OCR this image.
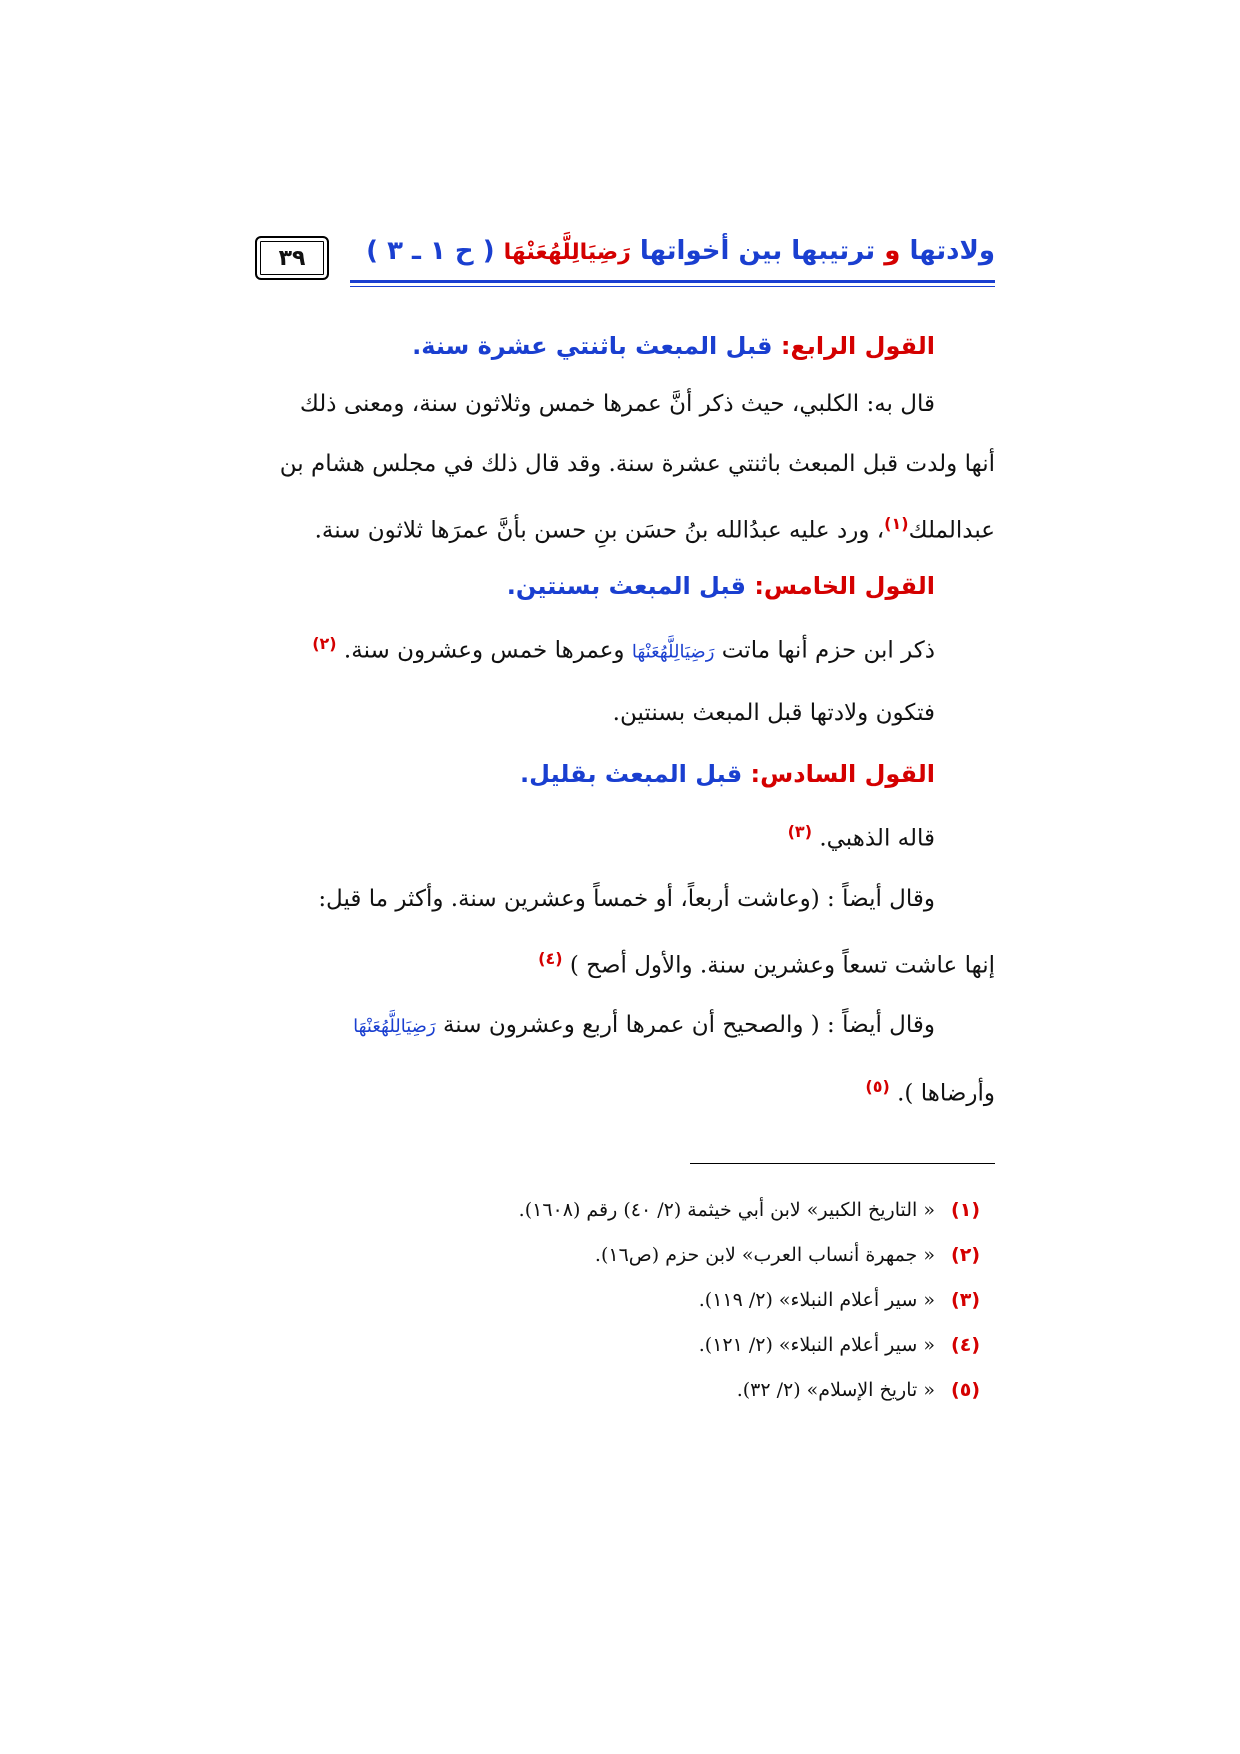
ولادتها و ترتيبها بين أخواتها رَضِيَالِلَّهُعَنْهَا ( ح ١ ـ ٣ )
٣٩
القول الرابع: قبل المبعث باثنتي عشرة سنة.
قال به: الكلبي، حيث ذكر أنَّ عمرها خمس وثلاثون سنة، ومعنى ذلك
أنها ولدت قبل المبعث باثنتي عشرة سنة. وقد قال ذلك في مجلس هشام بن
عبدالملك$^{(١)}$، ورد عليه عبدُالله بنُ حسَن بنِ حسن بأنَّ عمرَها ثلاثون سنة.
القول الخامس: قبل المبعث بسنتين.
ذكر ابن حزم أنها ماتت رَضِيَالِلَّهُعَنْهَا وعمرها خمس وعشرون سنة. $^{(٢)}$
فتكون ولادتها قبل المبعث بسنتين.
القول السادس: قبل المبعث بقليل.
قاله الذهبي. $^{(٣)}$
وقال أيضاً : (وعاشت أربعاً، أو خمساً وعشرين سنة. وأكثر ما قيل:
إنها عاشت تسعاً وعشرين سنة. والأول أصح ) $^{(٤)}$
وقال أيضاً : ( والصحيح أن عمرها أربع وعشرون سنة رَضِيَالِلَّهُعَنْهَا
وأرضاها ). $^{(٥)}$
(١) « التاريخ الكبير» لابن أبي خيثمة (٢/ ٤٠) رقم (١٦٠٨).
(٢) « جمهرة أنساب العرب» لابن حزم (ص١٦).
(٣) « سير أعلام النبلاء» (٢/ ١١٩).
(٤) « سير أعلام النبلاء» (٢/ ١٢١).
(٥) « تاريخ الإسلام» (٢/ ٣٢).
